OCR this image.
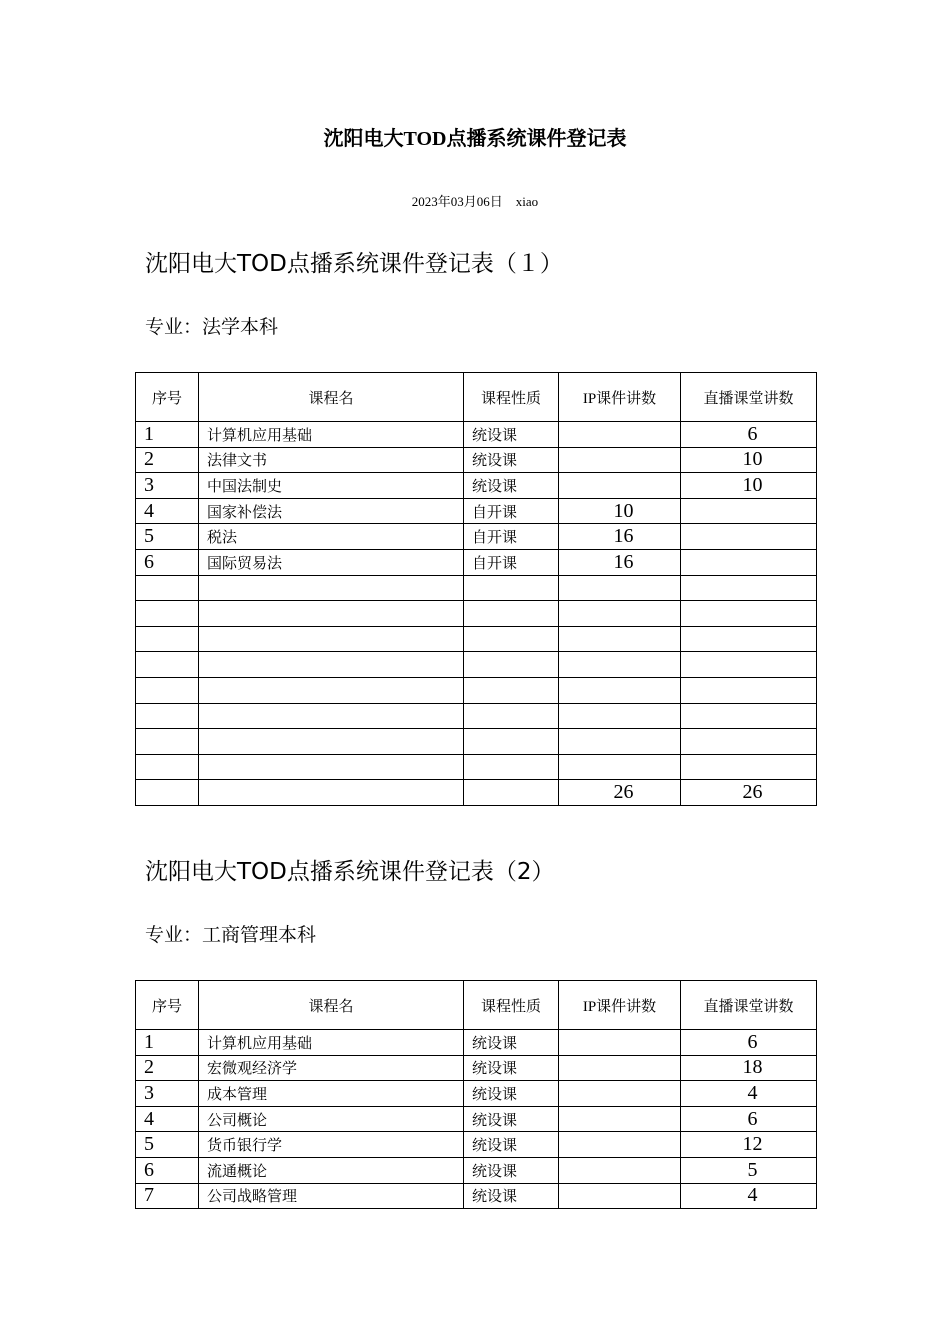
沈阳电大TOD点播系统课件登记表
2023年03月06日　xiao
沈阳电大TOD点播系统课件登记表（１）
专业：法学本科
序号	课程名	课程性质	IP课件讲数	直播课堂讲数
1	计算机应用基础	统设课		6
2	法律文书	统设课		10
3	中国法制史	统设课		10
4	国家补偿法	自开课	10	
5	税法	自开课	16	
6	国际贸易法	自开课	16	

			26	26
沈阳电大TOD点播系统课件登记表（2）
专业：工商管理本科
序号	课程名	课程性质	IP课件讲数	直播课堂讲数
1	计算机应用基础	统设课		6
2	宏微观经济学	统设课		18
3	成本管理	统设课		4
4	公司概论	统设课		6
5	货币银行学	统设课		12
6	流通概论	统设课		5
7	公司战略管理	统设课		4
